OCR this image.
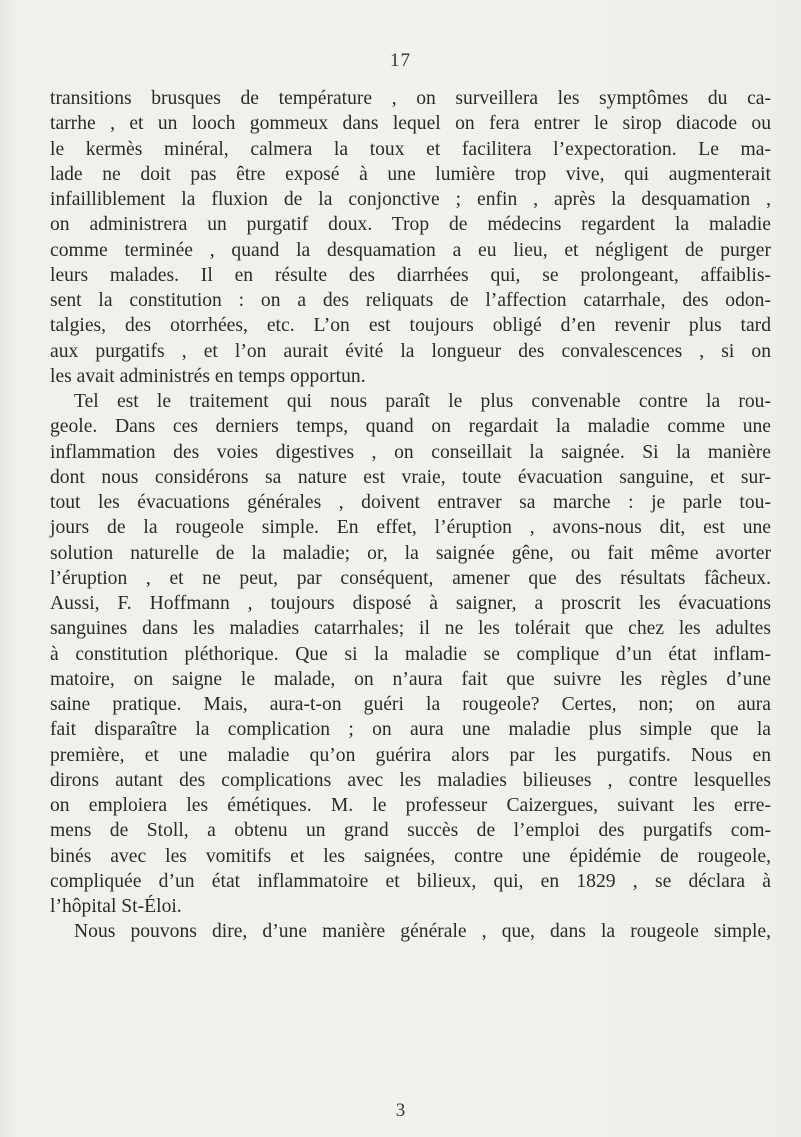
17
transitions brusques de température , on surveillera les symptômes du ca-
tarrhe , et un looch gommeux dans lequel on fera entrer le sirop diacode ou
le kermès minéral, calmera la toux et facilitera l’expectoration. Le ma-
lade ne doit pas être exposé à une lumière trop vive, qui augmenterait
infailliblement la fluxion de la conjonctive ; enfin , après la desquamation ,
on administrera un purgatif doux. Trop de médecins regardent la maladie
comme terminée , quand la desquamation a eu lieu, et négligent de purger
leurs malades. Il en résulte des diarrhées qui, se prolongeant, affaiblis-
sent la constitution : on a des reliquats de l’affection catarrhale, des odon-
talgies, des otorrhées, etc. L’on est toujours obligé d’en revenir plus tard
aux purgatifs , et l’on aurait évité la longueur des convalescences , si on
les avait administrés en temps opportun.
Tel est le traitement qui nous paraît le plus convenable contre la rou-
geole. Dans ces derniers temps, quand on regardait la maladie comme une
inflammation des voies digestives , on conseillait la saignée. Si la manière
dont nous considérons sa nature est vraie, toute évacuation sanguine, et sur-
tout les évacuations générales , doivent entraver sa marche : je parle tou-
jours de la rougeole simple. En effet, l’éruption , avons-nous dit, est une
solution naturelle de la maladie; or, la saignée gêne, ou fait même avorter
l’éruption , et ne peut, par conséquent, amener que des résultats fâcheux.
Aussi, F. Hoffmann , toujours disposé à saigner, a proscrit les évacuations
sanguines dans les maladies catarrhales; il ne les tolérait que chez les adultes
à constitution pléthorique. Que si la maladie se complique d’un état inflam-
matoire, on saigne le malade, on n’aura fait que suivre les règles d’une
saine pratique. Mais, aura-t-on guéri la rougeole? Certes, non; on aura
fait disparaître la complication ; on aura une maladie plus simple que la
première, et une maladie qu’on guérira alors par les purgatifs. Nous en
dirons autant des complications avec les maladies bilieuses , contre lesquelles
on emploiera les émétiques. M. le professeur Caizergues, suivant les erre-
mens de Stoll, a obtenu un grand succès de l’emploi des purgatifs com-
binés avec les vomitifs et les saignées, contre une épidémie de rougeole,
compliquée d’un état inflammatoire et bilieux, qui, en 1829 , se déclara à
l’hôpital St-Éloi.
Nous pouvons dire, d’une manière générale , que, dans la rougeole simple,
3
